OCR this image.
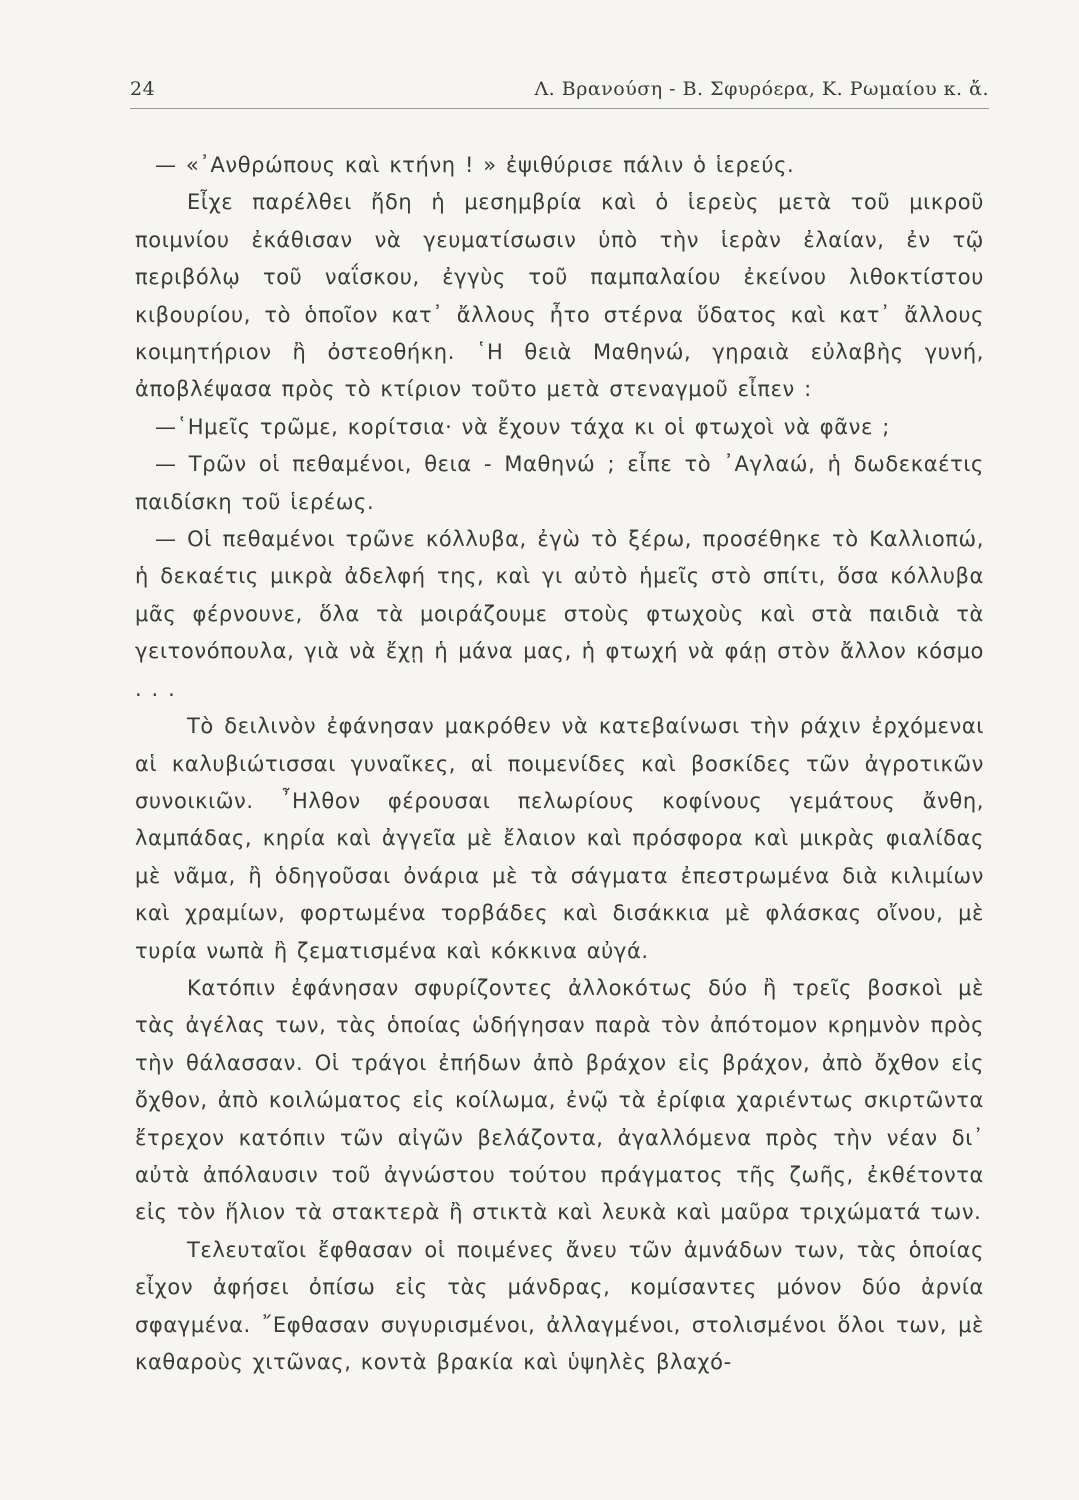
24	Λ. Βρανούση - Β. Σφυρόερα, Κ. Ρωμαίου κ. ἄ.

— «᾿Ανθρώπους καὶ κτήνη ! » ἐψιθύρισε πάλιν ὁ ἱερεύς.

Εἶχε παρέλθει ἤδη ἡ μεσημβρία καὶ ὁ ἱερεὺς μετὰ τοῦ μικροῦ ποιμνίου ἐκάθισαν νὰ γευματίσωσιν ὑπὸ τὴν ἱερὰν ἐλαίαν, ἐν τῷ περιβόλῳ τοῦ ναΐσκου, ἐγγὺς τοῦ παμπαλαίου ἐκείνου λιθοκτίστου κιβουρίου, τὸ ὁποῖον κατ᾿ ἄλλους ἦτο στέρνα ὕδατος καὶ κατ᾿ ἄλλους κοιμητήριον ἢ ὀστεοθήκη. ῾Η θειὰ Μαθηνώ, γηραιὰ εὐλαβὴς γυνή, ἀποβλέψασα πρὸς τὸ κτίριον τοῦτο μετὰ στεναγμοῦ εἶπεν :

—῾Ημεῖς τρῶμε, κορίτσια· νὰ ἔχουν τάχα κι οἱ φτωχοὶ νὰ φᾶνε ;

— Τρῶν οἱ πεθαμένοι, θεια - Μαθηνώ ; εἶπε τὸ ᾿Αγλαώ, ἡ δωδεκαέτις παιδίσκη τοῦ ἱερέως.

— Οἱ πεθαμένοι τρῶνε κόλλυβα, ἐγὼ τὸ ξέρω, προσέθηκε τὸ Καλλιοπώ, ἡ δεκαέτις μικρὰ ἀδελφή της, καὶ γι αὐτὸ ἡμεῖς στὸ σπίτι, ὅσα κόλλυβα μᾶς φέρνουνε, ὅλα τὰ μοιράζουμε στοὺς φτωχοὺς καὶ στὰ παιδιὰ τὰ γειτονόπουλα, γιὰ νὰ ἔχῃ ἡ μάνα μας, ἡ φτωχή νὰ φάῃ στὸν ἄλλον κόσμο . . .

Τὸ δειλινὸν ἐφάνησαν μακρόθεν νὰ κατεβαίνωσι τὴν ράχιν ἐρχόμεναι αἱ καλυβιώτισσαι γυναῖκες, αἱ ποιμενίδες καὶ βοσκίδες τῶν ἀγροτικῶν συνοικιῶν. ῏Ηλθον φέρουσαι πελωρίους κοφίνους γεμάτους ἄνθη, λαμπάδας, κηρία καὶ ἀγγεῖα μὲ ἔλαιον καὶ πρόσφορα καὶ μικρὰς φιαλίδας μὲ νᾶμα, ἢ ὁδηγοῦσαι ὀνάρια μὲ τὰ σάγματα ἐπεστρωμένα διὰ κιλιμίων καὶ χραμίων, φορτωμένα τορβάδες καὶ δισάκκια μὲ φλάσκας οἴνου, μὲ τυρία νωπὰ ἢ ζεματισμένα καὶ κόκκινα αὐγά.

Κατόπιν ἐφάνησαν σφυρίζοντες ἀλλοκότως δύο ἢ τρεῖς βοσκοὶ μὲ τὰς ἀγέλας των, τὰς ὁποίας ὡδήγησαν παρὰ τὸν ἀπότομον κρημνὸν πρὸς τὴν θάλασσαν. Οἱ τράγοι ἐπήδων ἀπὸ βράχον εἰς βράχον, ἀπὸ ὄχθον εἰς ὄχθον, ἀπὸ κοιλώματος εἰς κοίλωμα, ἐνῷ τὰ ἐρίφια χαριέντως σκιρτῶντα ἔτρεχον κατόπιν τῶν αἰγῶν βελάζοντα, ἀγαλλόμενα πρὸς τὴν νέαν δι᾿ αὐτὰ ἀπόλαυσιν τοῦ ἀγνώστου τούτου πράγματος τῆς ζωῆς, ἐκθέτοντα εἰς τὸν ἥλιον τὰ στακτερὰ ἢ στικτὰ καὶ λευκὰ καὶ μαῦρα τριχώματά των.

Τελευταῖοι ἔφθασαν οἱ ποιμένες ἄνευ τῶν ἀμνάδων των, τὰς ὁποίας εἶχον ἀφήσει ὀπίσω εἰς τὰς μάνδρας, κομίσαντες μόνον δύο ἀρνία σφαγμένα. ῎Εφθασαν συγυρισμένοι, ἀλλαγμένοι, στολισμένοι ὅλοι των, μὲ καθαροὺς χιτῶνας, κοντὰ βρακία καὶ ὑψηλὲς βλαχό-
